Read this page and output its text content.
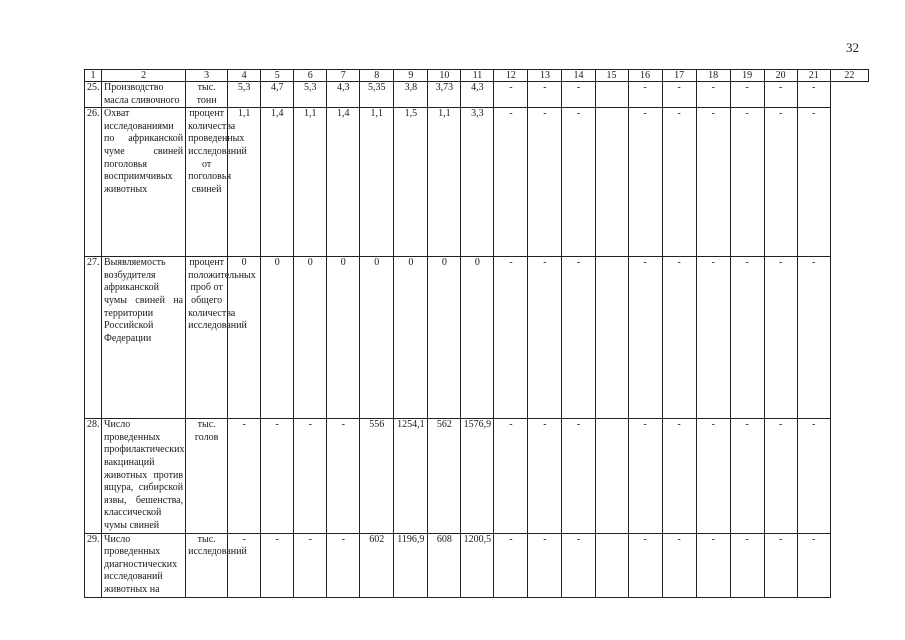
32
1	2	3	4	5	6	7	8	9	10	11	12	13	14	15	16	17	18	19	20	21	22
25.	Производство масла сливочного	тыс. тонн	5,3	4,7	5,3	4,3	5,35	3,8	3,73	4,3	-	-	-		-	-	-	-	-	-	
26.	Охват исследованиями по африканской чуме свиней поголовья восприимчивых животных	процент количества проведенных исследований от поголовья свиней	1,1	1,4	1,1	1,4	1,1	1,5	1,1	3,3	-	-	-		-	-	-	-	-	-	
27.	Выявляемость возбудителя африканской чумы свиней на территории Российской Федерации	процент положительных проб от общего количества исследований	0	0	0	0	0	0	0	0	-	-	-		-	-	-	-	-	-	
28.	Число проведенных профилактических вакцинаций животных против ящура, сибирской язвы, бешенства, классической чумы свиней	тыс. голов	-	-	-	-	556	1254,1	562	1576,9	-	-	-		-	-	-	-	-	-	
29.	Число проведенных диагностических исследований животных на	тыс. исследований	-	-	-	-	602	1196,9	608	1200,5	-	-	-		-	-	-	-	-	-	
